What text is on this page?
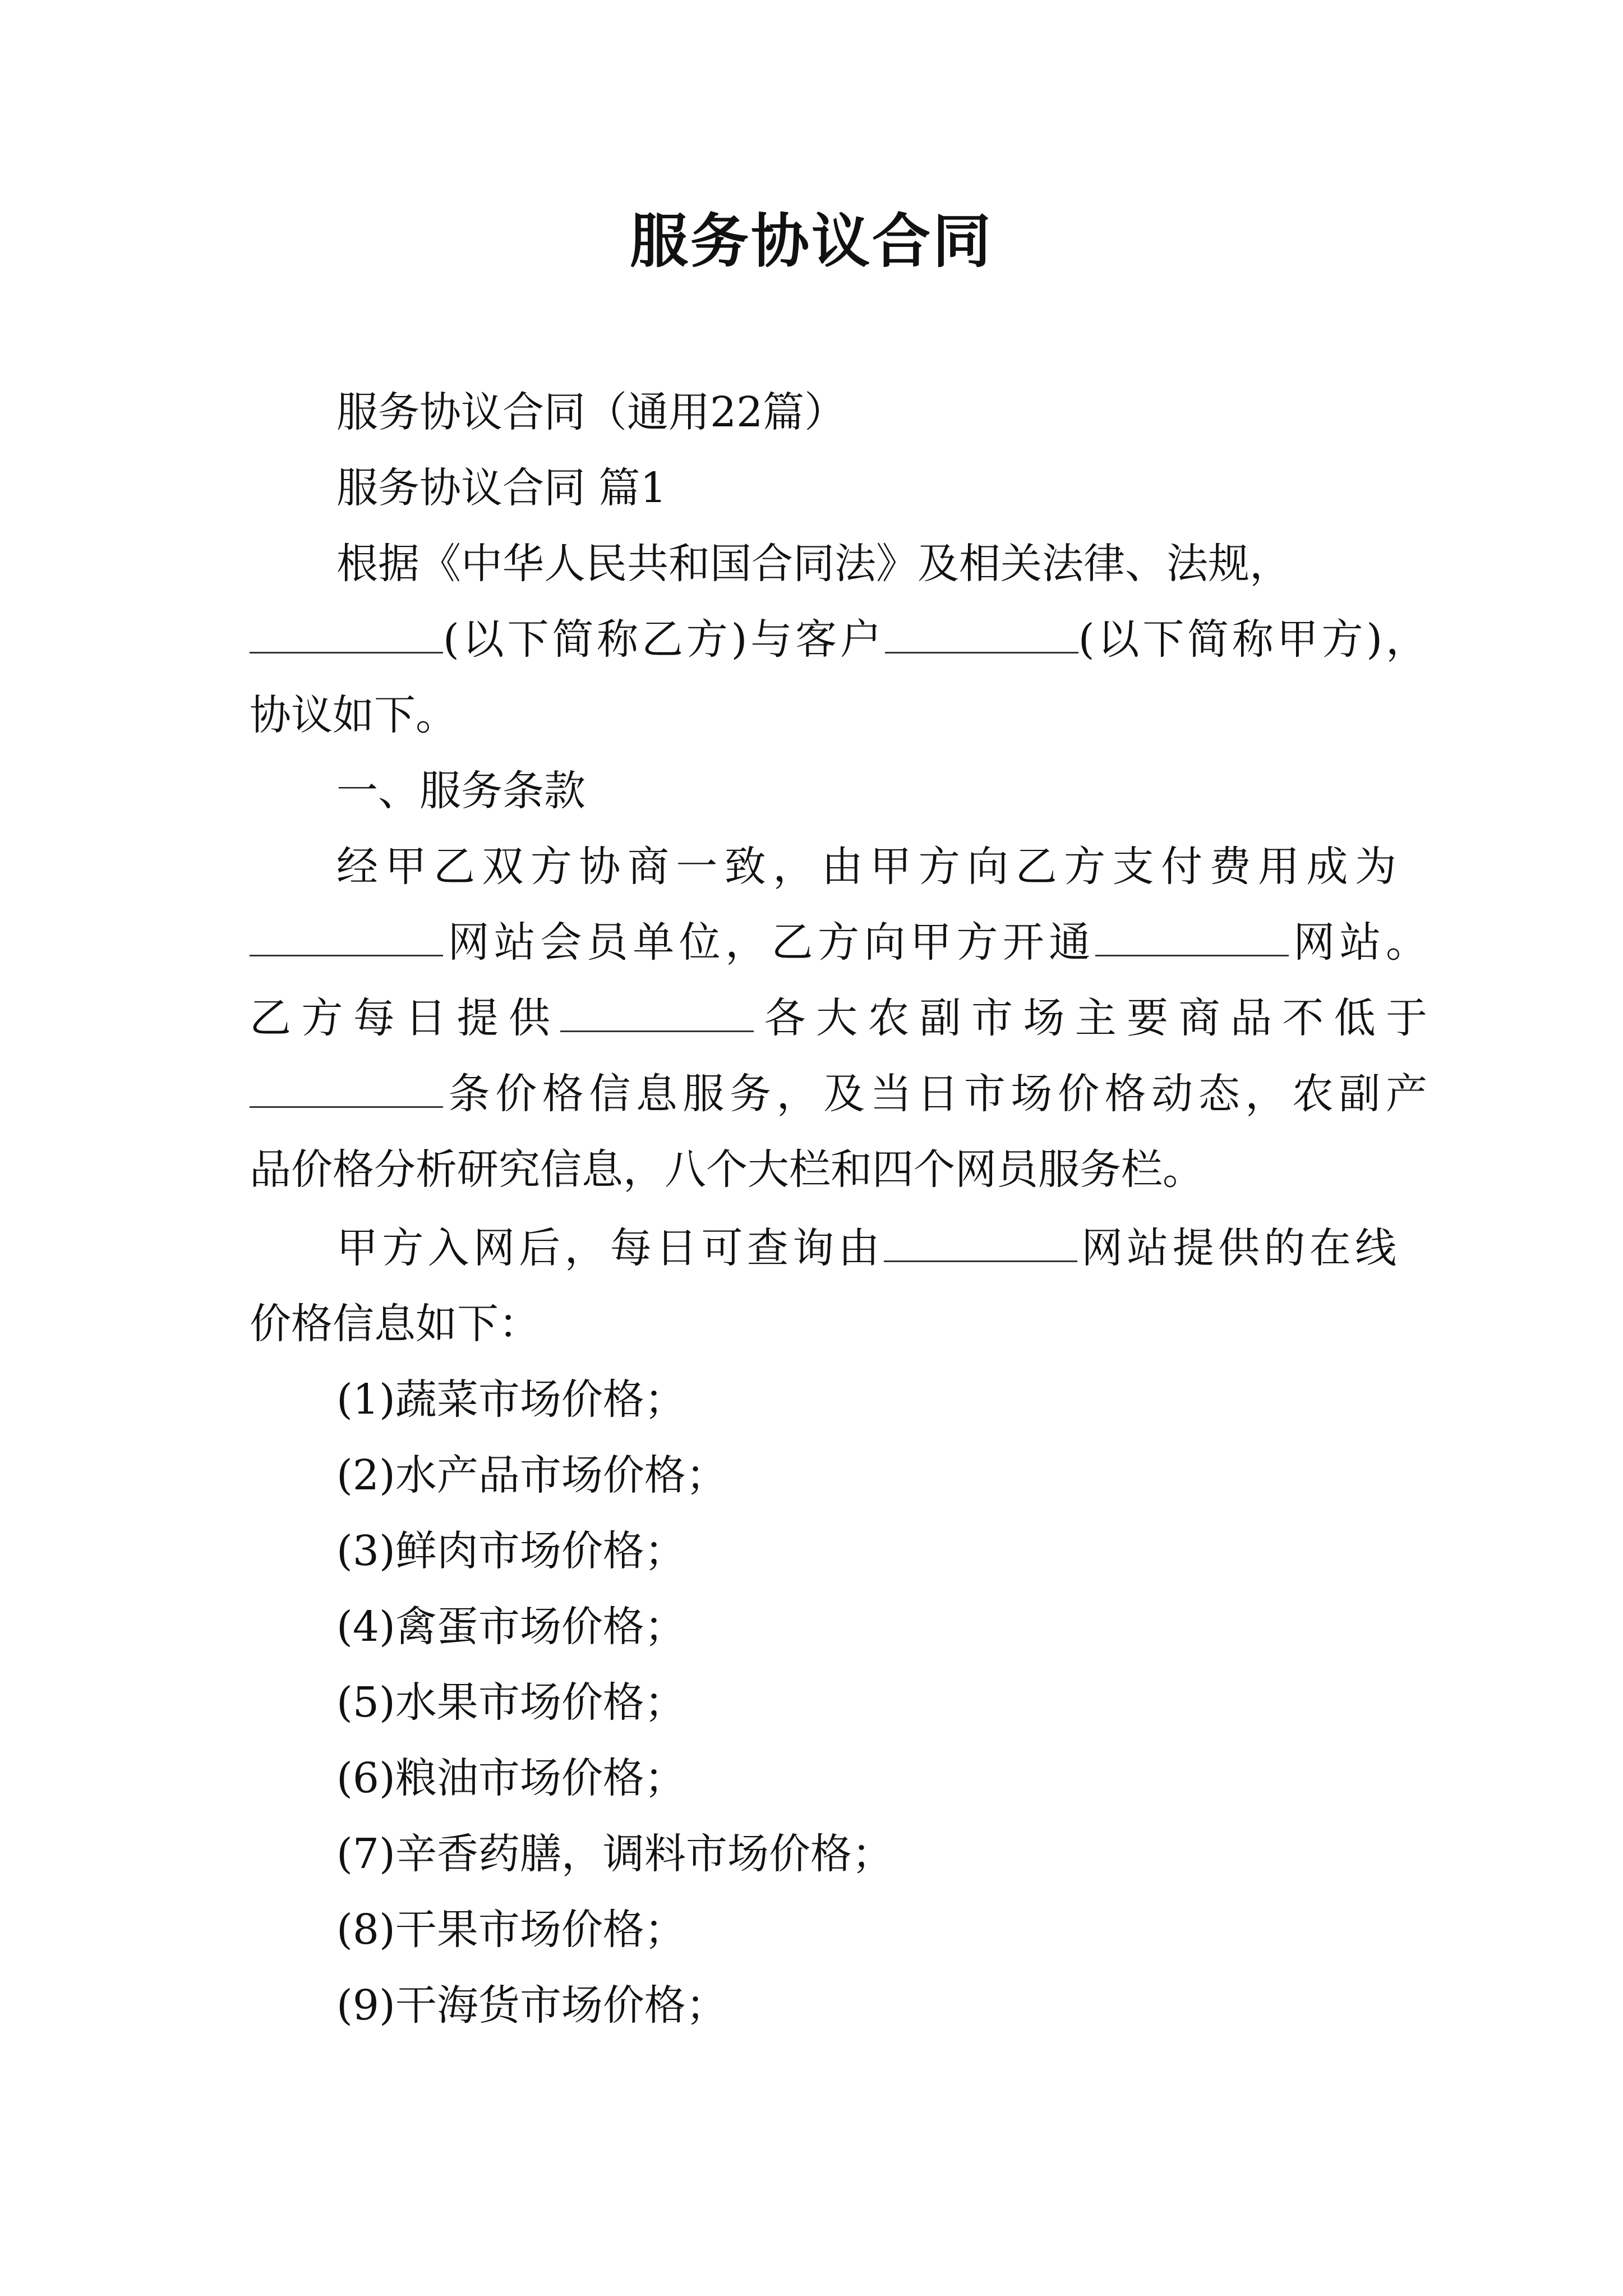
服务协议合同
服务协议合同（通用22篇）
服务协议合同 篇1
根据《中华人民共和国合同法》及相关法律、法规，
(以下简称乙方)与客户	(以下简称甲方)，
协议如下。
一、服务条款
经甲乙双方协商一致，由甲方向乙方支付费用成为
网站会员单位，乙方向甲方开通	网站。
乙方每日提供	各大农副市场主要商品不低于
条价格信息服务，及当日市场价格动态，农副产
品价格分析研究信息，八个大栏和四个网员服务栏。
甲方入网后，每日可查询由	网站提供的在线
价格信息如下：
(1)蔬菜市场价格；
(2)水产品市场价格；
(3)鲜肉市场价格；
(4)禽蛋市场价格；
(5)水果市场价格；
(6)粮油市场价格；
(7)辛香药膳，调料市场价格；
(8)干果市场价格；
(9)干海货市场价格；
